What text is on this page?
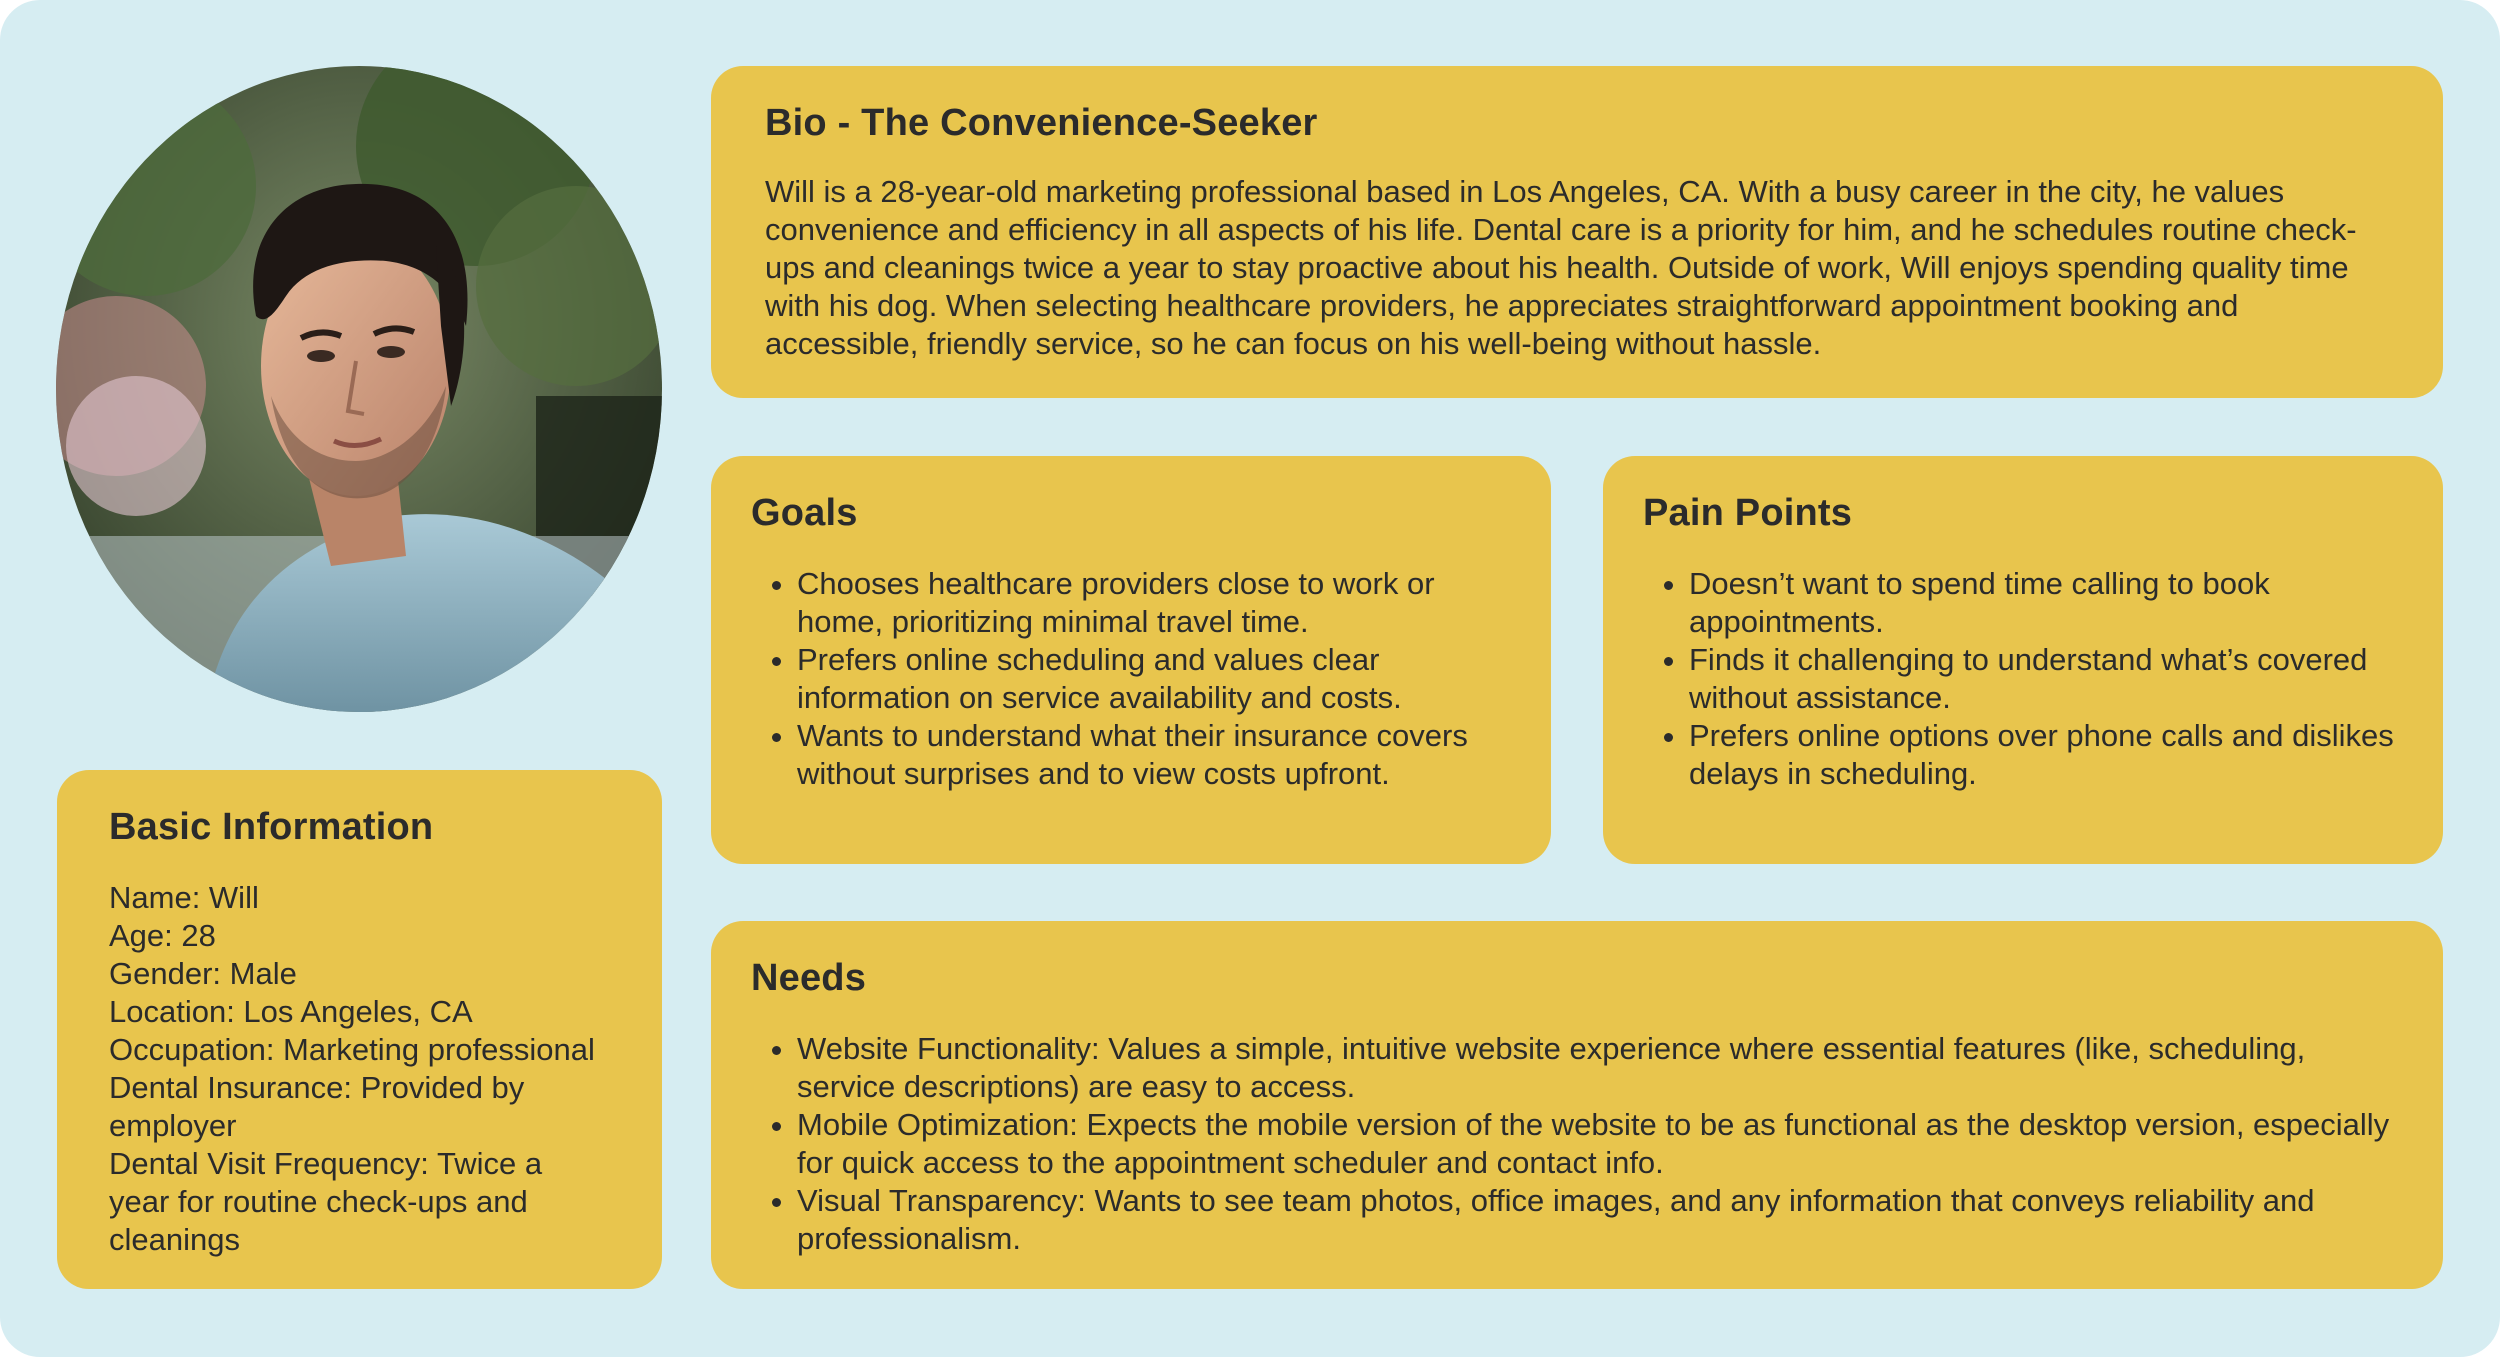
Bio - The Convenience-Seeker

Will is a 28-year-old marketing professional based in Los Angeles, CA. With a busy career in the city, he values convenience and efficiency in all aspects of his life. Dental care is a priority for him, and he schedules routine check-ups and cleanings twice a year to stay proactive about his health. Outside of work, Will enjoys spending quality time with his dog. When selecting healthcare providers, he appreciates straightforward appointment booking and accessible, friendly service, so he can focus on his well-being without hassle.

Goals
• Chooses healthcare providers close to work or home, prioritizing minimal travel time.
• Prefers online scheduling and values clear information on service availability and costs.
• Wants to understand what their insurance covers without surprises and to view costs upfront.
Pain Points
• Doesn’t want to spend time calling to book appointments.
• Finds it challenging to understand what’s covered without assistance.
• Prefers online options over phone calls and dislikes delays in scheduling.
Needs
• Website Functionality: Values a simple, intuitive website experience where essential features (like, scheduling, service descriptions) are easy to access.
• Mobile Optimization: Expects the mobile version of the website to be as functional as the desktop version, especially for quick access to the appointment scheduler and contact info.
• Visual Transparency: Wants to see team photos, office images, and any information that conveys reliability and professionalism.
Basic Information
Name: Will
Age: 28
Gender: Male
Location: Los Angeles, CA
Occupation: Marketing professional
Dental Insurance: Provided by employer
Dental Visit Frequency: Twice a year for routine check-ups and cleanings
